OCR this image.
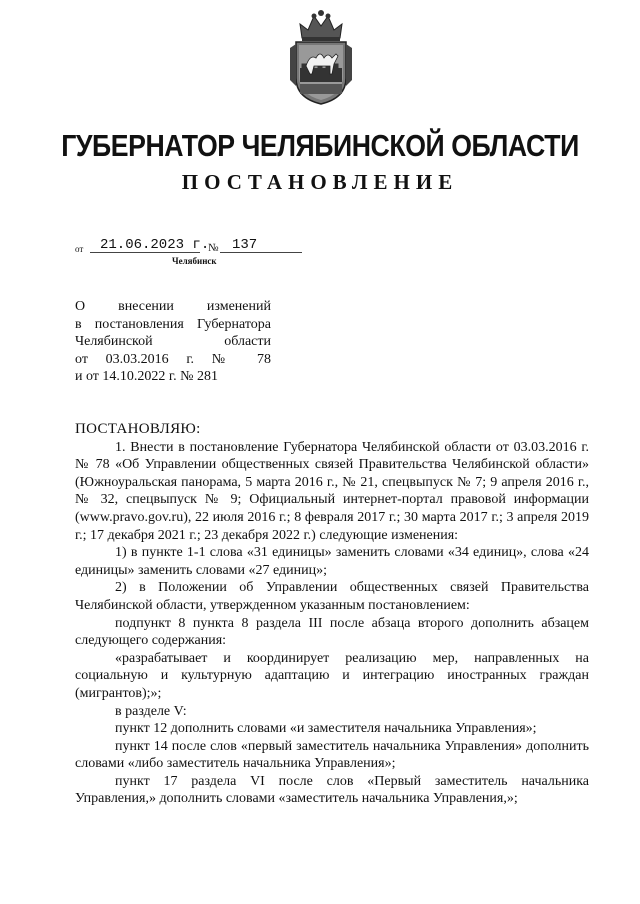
ГУБЕРНАТОР ЧЕЛЯБИНСКОЙ ОБЛАСТИ
ПОСТАНОВЛЕНИЕ
от 21.06.2023 г.
№ 137
Челябинск
О внесении изменений
в постановления Губернатора
Челябинской области
от 03.03.2016 г. № 78
и от 14.10.2022 г. № 281

ПОСТАНОВЛЯЮ:

1. Внести в постановление Губернатора Челябинской области от 03.03.2016 г. № 78 «Об Управлении общественных связей Правительства Челябинской области» (Южноуральская панорама, 5 марта 2016 г., № 21, спецвыпуск № 7; 9 апреля 2016 г., № 32, спецвыпуск № 9; Официальный интернет-портал правовой информации (www.pravo.gov.ru), 22 июля 2016 г.; 8 февраля 2017 г.; 30 марта 2017 г.; 3 апреля 2019 г.; 17 декабря 2021 г.; 23 декабря 2022 г.) следующие изменения:

1) в пункте 1-1 слова «31 единицы» заменить словами «34 единиц», слова «24 единицы» заменить словами «27 единиц»;

2) в Положении об Управлении общественных связей Правительства Челябинской области, утвержденном указанным постановлением:

подпункт 8 пункта 8 раздела III после абзаца второго дополнить абзацем следующего содержания:

«разрабатывает и координирует реализацию мер, направленных на социальную и культурную адаптацию и интеграцию иностранных граждан (мигрантов);»;

в разделе V:

пункт 12 дополнить словами «и заместителя начальника Управления»;

пункт 14 после слов «первый заместитель начальника Управления» дополнить словами «либо заместитель начальника Управления»;

пункт 17 раздела VI после слов «Первый заместитель начальника Управления,» дополнить словами «заместитель начальника Управления,»;
